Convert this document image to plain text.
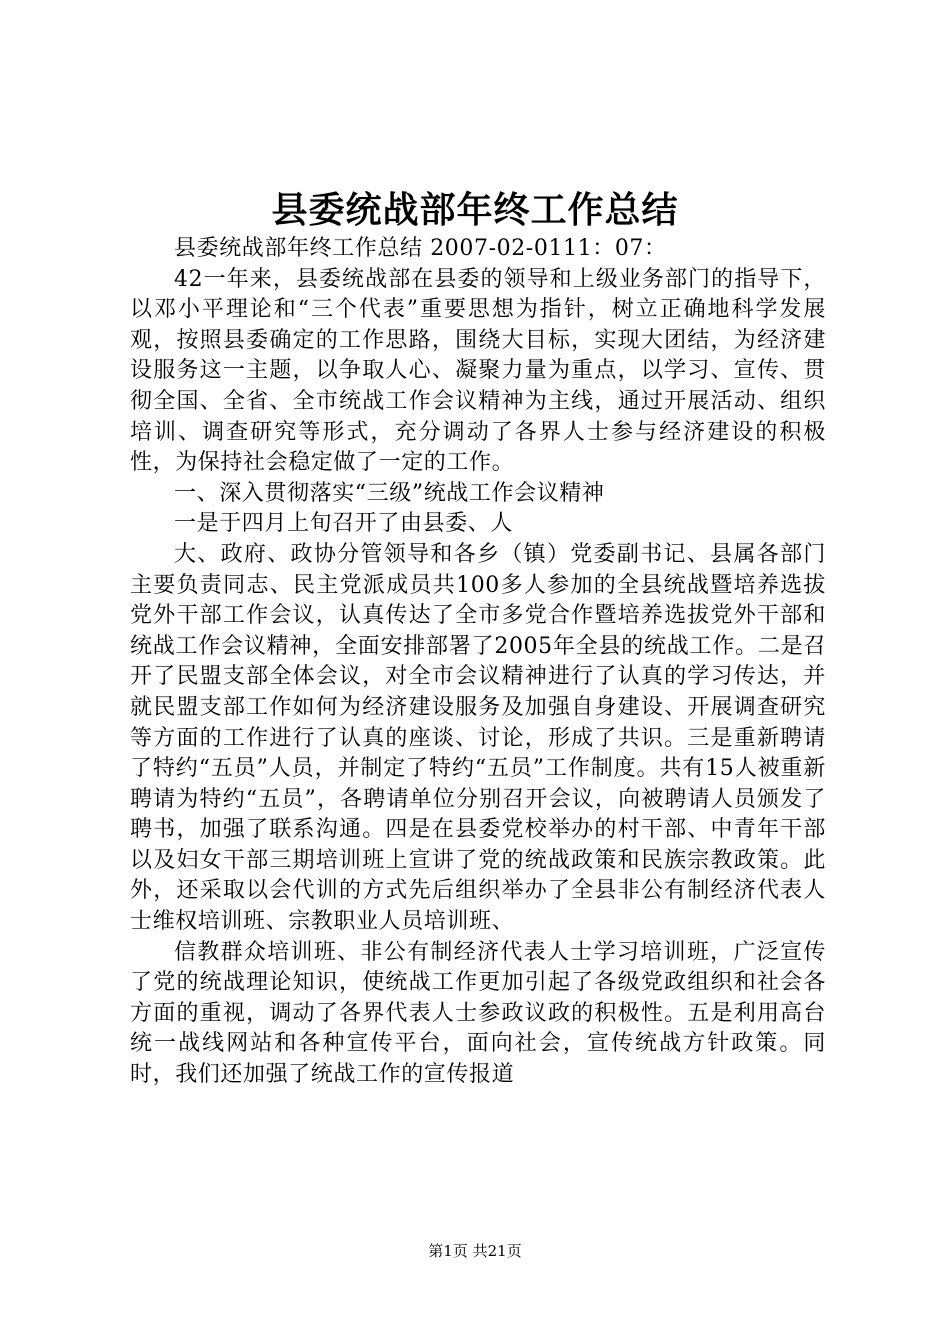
县委统战部年终工作总结

县委统战部年终工作总结 2007-02-0111：07：

42一年来，县委统战部在县委的领导和上级业务部门的指导下，以邓小平理论和“三个代表”重要思想为指针，树立正确地科学发展观，按照县委确定的工作思路，围绕大目标，实现大团结，为经济建设服务这一主题，以争取人心、凝聚力量为重点，以学习、宣传、贯彻全国、全省、全市统战工作会议精神为主线，通过开展活动、组织培训、调查研究等形式，充分调动了各界人士参与经济建设的积极性，为保持社会稳定做了一定的工作。

一、深入贯彻落实“三级”统战工作会议精神

一是于四月上旬召开了由县委、人

大、政府、政协分管领导和各乡（镇）党委副书记、县属各部门主要负责同志、民主党派成员共100多人参加的全县统战暨培养选拔党外干部工作会议，认真传达了全市多党合作暨培养选拔党外干部和统战工作会议精神，全面安排部署了2005年全县的统战工作。二是召开了民盟支部全体会议，对全市会议精神进行了认真的学习传达，并就民盟支部工作如何为经济建设服务及加强自身建设、开展调查研究等方面的工作进行了认真的座谈、讨论，形成了共识。三是重新聘请了特约“五员”人员，并制定了特约“五员”工作制度。共有15人被重新聘请为特约“五员”，各聘请单位分别召开会议，向被聘请人员颁发了聘书，加强了联系沟通。四是在县委党校举办的村干部、中青年干部以及妇女干部三期培训班上宣讲了党的统战政策和民族宗教政策。此外，还采取以会代训的方式先后组织举办了全县非公有制经济代表人士维权培训班、宗教职业人员培训班、

信教群众培训班、非公有制经济代表人士学习培训班，广泛宣传了党的统战理论知识，使统战工作更加引起了各级党政组织和社会各方面的重视，调动了各界代表人士参政议政的积极性。五是利用高台统一战线网站和各种宣传平台，面向社会，宣传统战方针政策。同时，我们还加强了统战工作的宣传报道

第1页 共21页
